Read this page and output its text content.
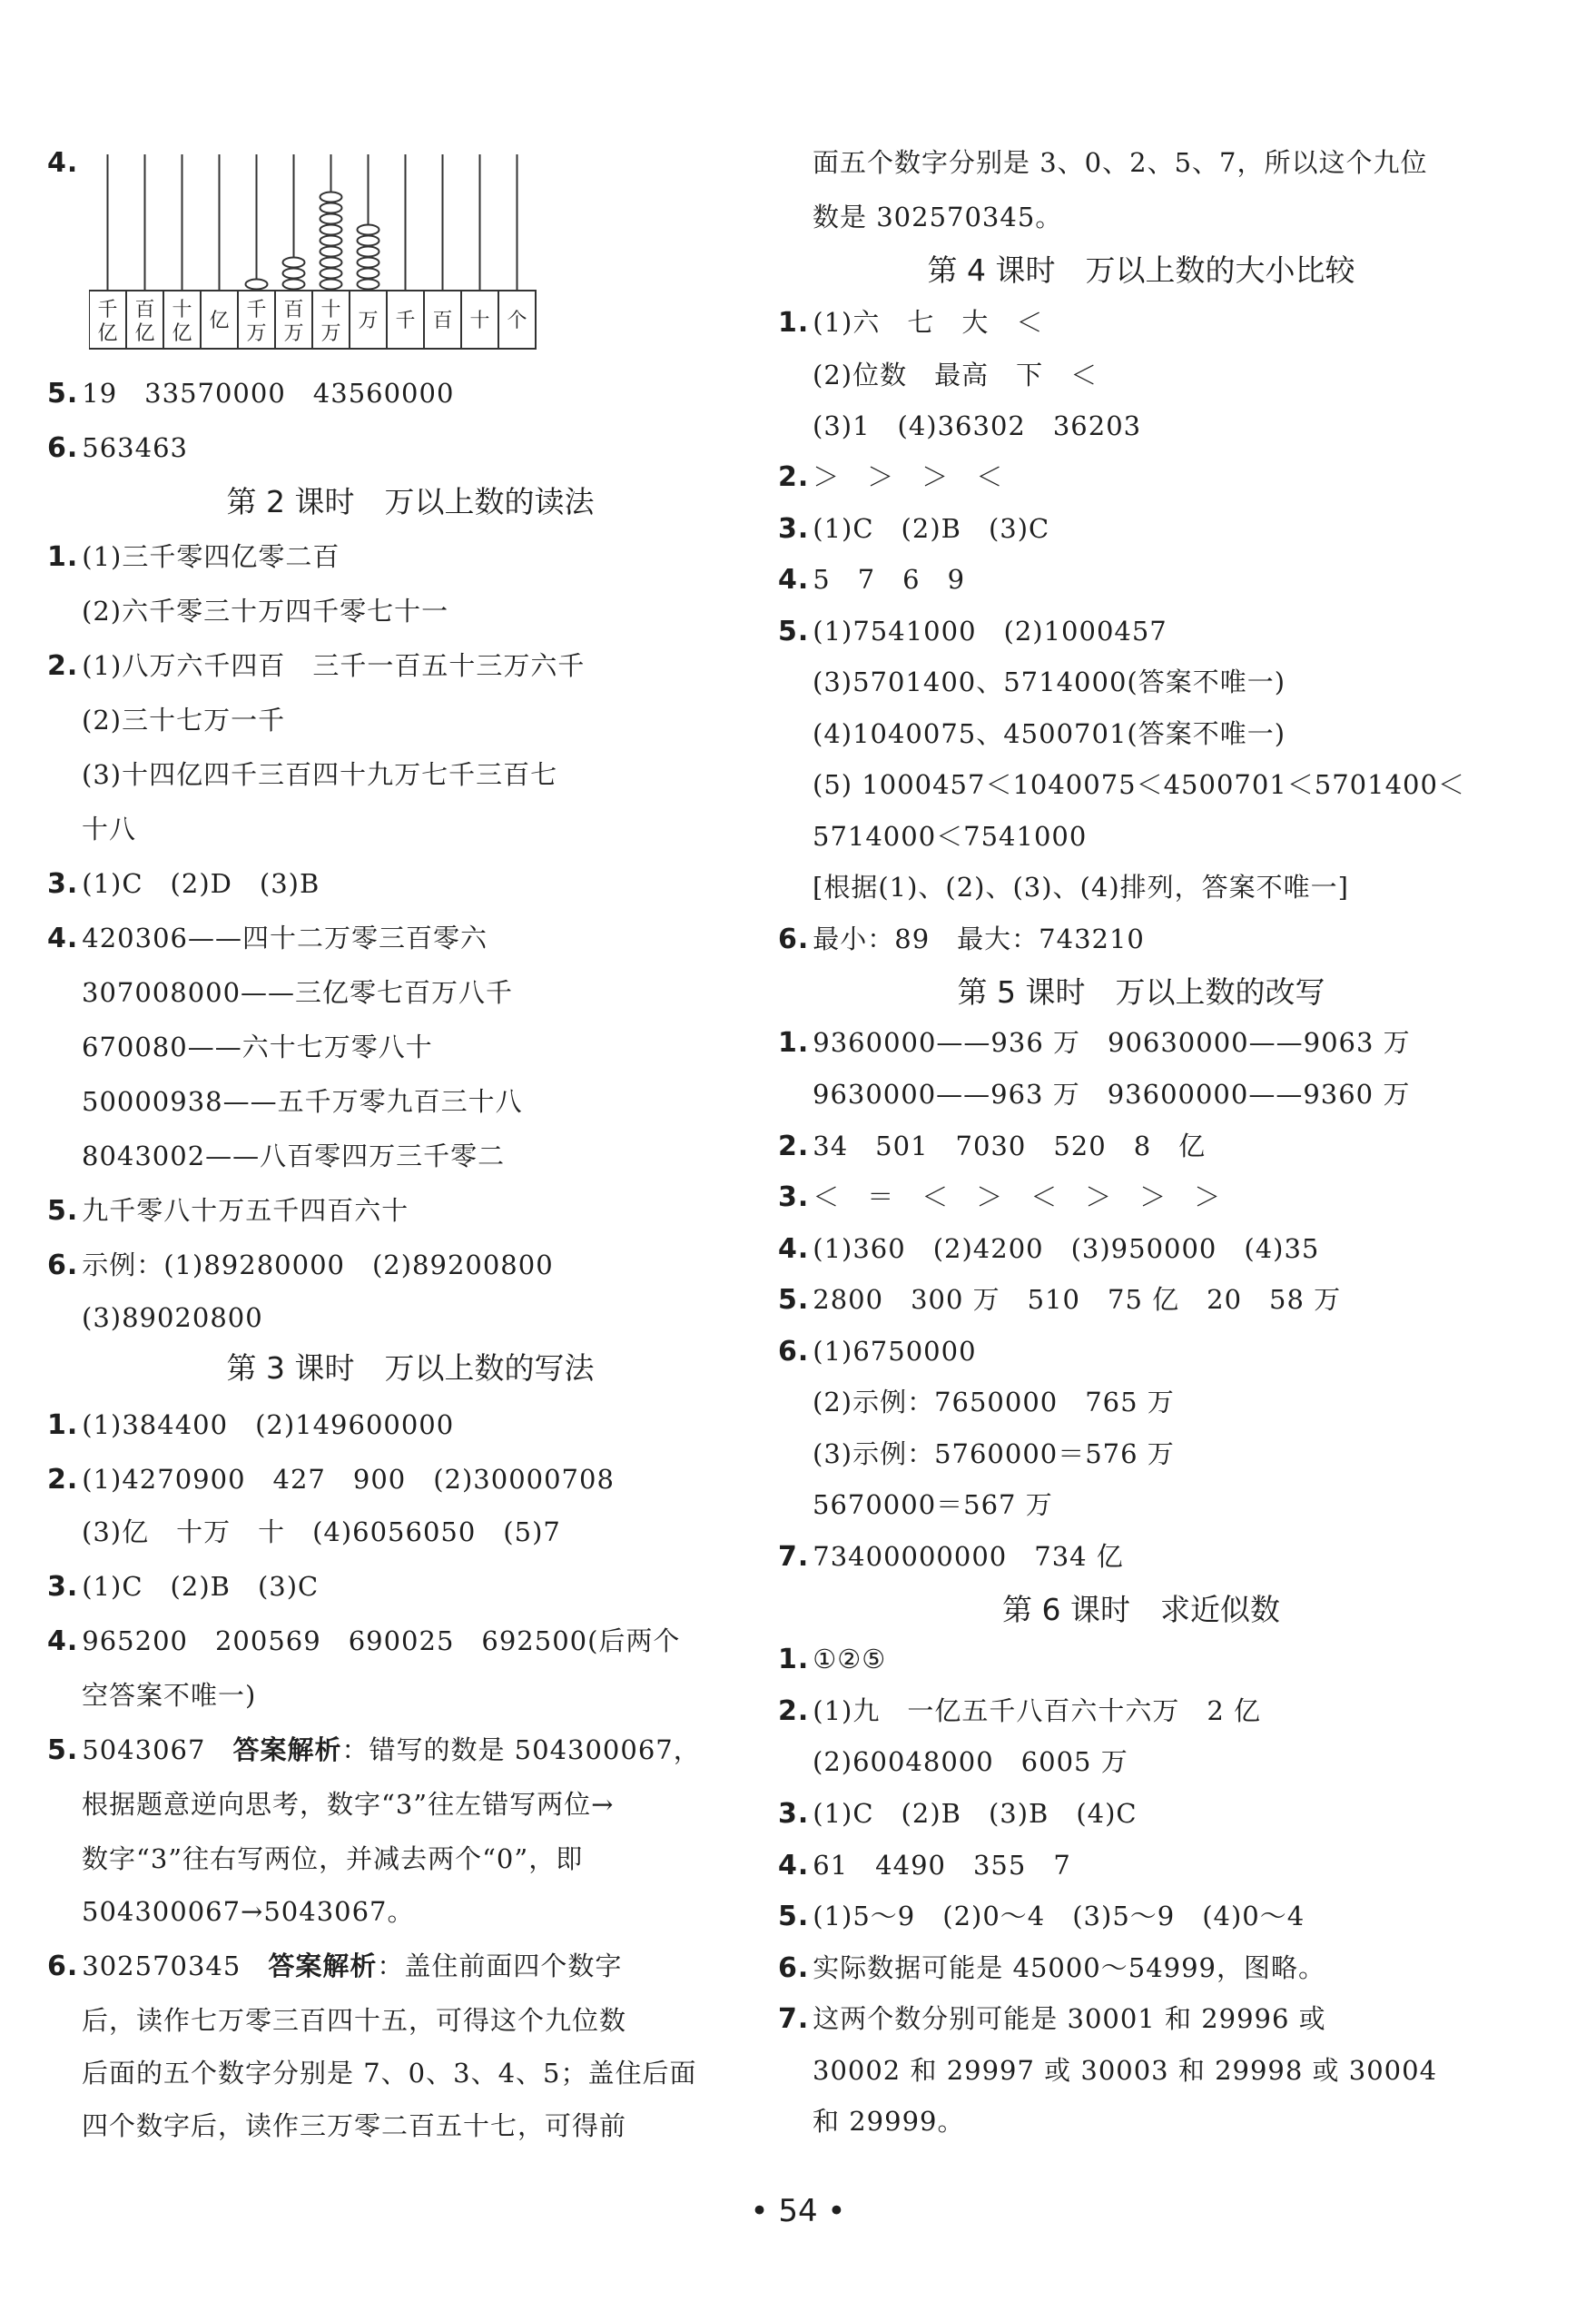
4.
千
亿
百
亿
十
亿
亿 千
万
百
万
十
万
万 千 百 十 个
5. 19　33570000　43560000
6. 563463
第 2 课时　万以上数的读法
1. (1)三千零四亿零二百
(2)六千零三十万四千零七十一
2. (1)八万六千四百　三千一百五十三万六千
(2)三十七万一千
(3)十四亿四千三百四十九万七千三百七
十八
3. (1)C　(2)D　(3)B
4. 420306——四十二万零三百零六
307008000——三亿零七百万八千
670080——六十七万零八十
50000938——五千万零九百三十八
8043002——八百零四万三千零二
5. 九千零八十万五千四百六十
6. 示例：(1)89280000　(2)89200800
(3)89020800
第 3 课时　万以上数的写法
1. (1)384400　(2)149600000
2. (1)4270900　427　900　(2)30000708
(3)亿　十万　十　(4)6056050　(5)7
3. (1)C　(2)B　(3)C
4. 965200　200569　690025　692500(后两个
空答案不唯一)
5. 5043067　答案解析：错写的数是 504300067，
根据题意逆向思考，数字“3”往左错写两位→
数字“3”往右写两位，并减去两个“0”，即
504300067→5043067。
6. 302570345　答案解析：盖住前面四个数字
后，读作七万零三百四十五，可得这个九位数
后面的五个数字分别是 7、0、3、4、5；盖住后面
四个数字后，读作三万零二百五十七，可得前
面五个数字分别是 3、0、2、5、7，所以这个九位
数是 302570345。
第 4 课时　万以上数的大小比较
1. (1)六　七　大　＜
(2)位数　最高　下　＜
(3)1　(4)36302　36203
2. ＞　＞　＞　＜
3. (1)C　(2)B　(3)C
4. 5　7　6　9
5. (1)7541000　(2)1000457
(3)5701400、5714000(答案不唯一)
(4)1040075、4500701(答案不唯一)
(5) 1000457＜1040075＜4500701＜5701400＜
5714000＜7541000
[根据(1)、(2)、(3)、(4)排列，答案不唯一]
6. 最小：89　最大：743210
第 5 课时　万以上数的改写
1. 9360000——936 万　90630000——9063 万
9630000——963 万　93600000——9360 万
2. 34　501　7030　520　8　亿
3. ＜　＝　＜　＞　＜　＞　＞　＞
4. (1)360　(2)4200　(3)950000　(4)35
5. 2800　300 万　510　75 亿　20　58 万
6. (1)6750000
(2)示例：7650000　765 万
(3)示例：5760000＝576 万
5670000＝567 万
7. 73400000000　734 亿
第 6 课时　求近似数
1. ①②⑤
2. (1)九　一亿五千八百六十六万　2 亿
(2)60048000　6005 万
3. (1)C　(2)B　(3)B　(4)C
4. 61　4490　355　7
5. (1)5～9　(2)0～4　(3)5～9　(4)0～4
6. 实际数据可能是 45000～54999，图略。
7. 这两个数分别可能是 30001 和 29996 或
30002 和 29997 或 30003 和 29998 或 30004
和 29999。
• 54 •
